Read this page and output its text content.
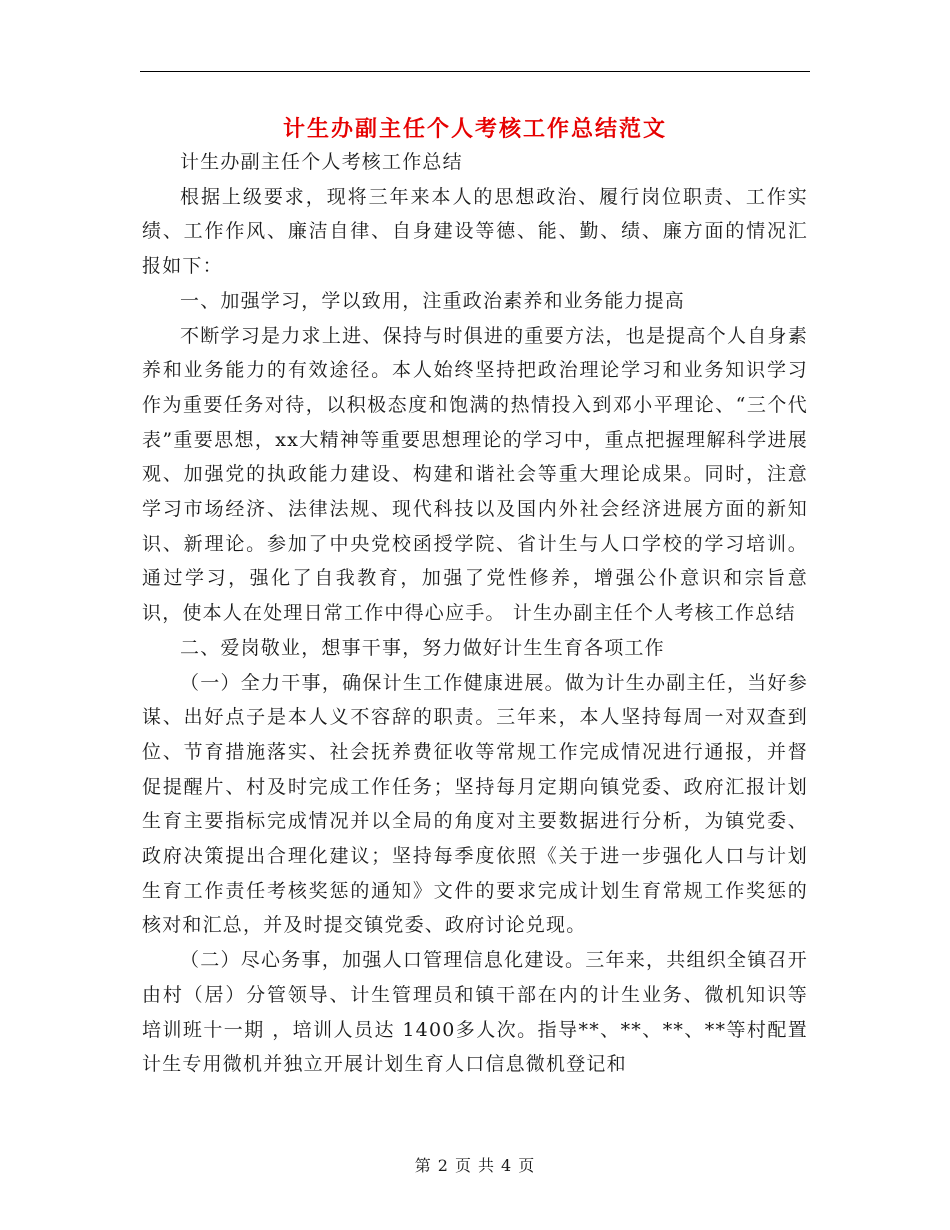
计生办副主任个人考核工作总结范文

计生办副主任个人考核工作总结

根据上级要求，现将三年来本人的思想政治、履行岗位职责、工作实绩、工作作风、廉洁自律、自身建设等德、能、勤、绩、廉方面的情况汇报如下：

一、加强学习，学以致用，注重政治素养和业务能力提高

不断学习是力求上进、保持与时俱进的重要方法，也是提高个人自身素养和业务能力的有效途径。本人始终坚持把政治理论学习和业务知识学习作为重要任务对待，以积极态度和饱满的热情投入到邓小平理论、“三个代表”重要思想，xx大精神等重要思想理论的学习中，重点把握理解科学进展观、加强党的执政能力建设、构建和谐社会等重大理论成果。同时，注意学习市场经济、法律法规、现代科技以及国内外社会经济进展方面的新知识、新理论。参加了中央党校函授学院、省计生与人口学校的学习培训。通过学习，强化了自我教育，加强了党性修养，增强公仆意识和宗旨意识，使本人在处理日常工作中得心应手。 计生办副主任个人考核工作总结

二、爱岗敬业，想事干事，努力做好计生生育各项工作

（一）全力干事，确保计生工作健康进展。做为计生办副主任，当好参谋、出好点子是本人义不容辞的职责。三年来，本人坚持每周一对双查到位、节育措施落实、社会抚养费征收等常规工作完成情况进行通报，并督促提醒片、村及时完成工作任务；坚持每月定期向镇党委、政府汇报计划生育主要指标完成情况并以全局的角度对主要数据进行分析，为镇党委、政府决策提出合理化建议；坚持每季度依照《关于进一步强化人口与计划生育工作责任考核奖惩的通知》文件的要求完成计划生育常规工作奖惩的核对和汇总，并及时提交镇党委、政府讨论兑现。

（二）尽心务事，加强人口管理信息化建设。三年来，共组织全镇召开由村（居）分管领导、计生管理员和镇干部在内的计生业务、微机知识等培训班十一期 ，培训人员达 1400多人次。指导**、**、**、**等村配置计生专用微机并独立开展计划生育人口信息微机登记和

第 2 页 共 4 页
